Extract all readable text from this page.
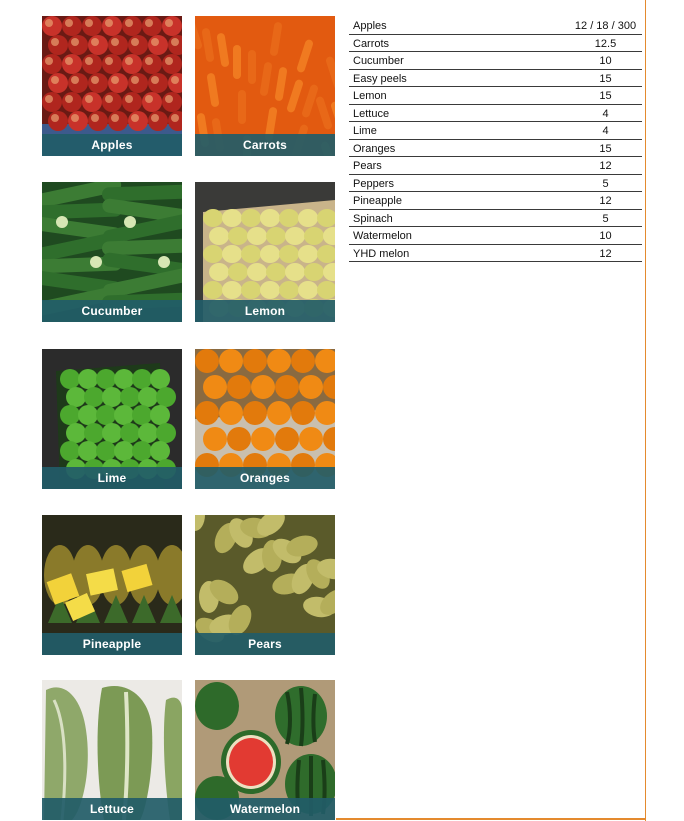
Apples	Carrots
Cucumber	Lemon
Lime	Oranges
Pineapple	Pears
Lettuce	Watermelon
Apples	12 / 18 / 300
Carrots	12.5
Cucumber	10
Easy peels	15
Lemon	15
Lettuce	4
Lime	4
Oranges	15
Pears	12
Peppers	5
Pineapple	12
Spinach	5
Watermelon	10
YHD melon	12
